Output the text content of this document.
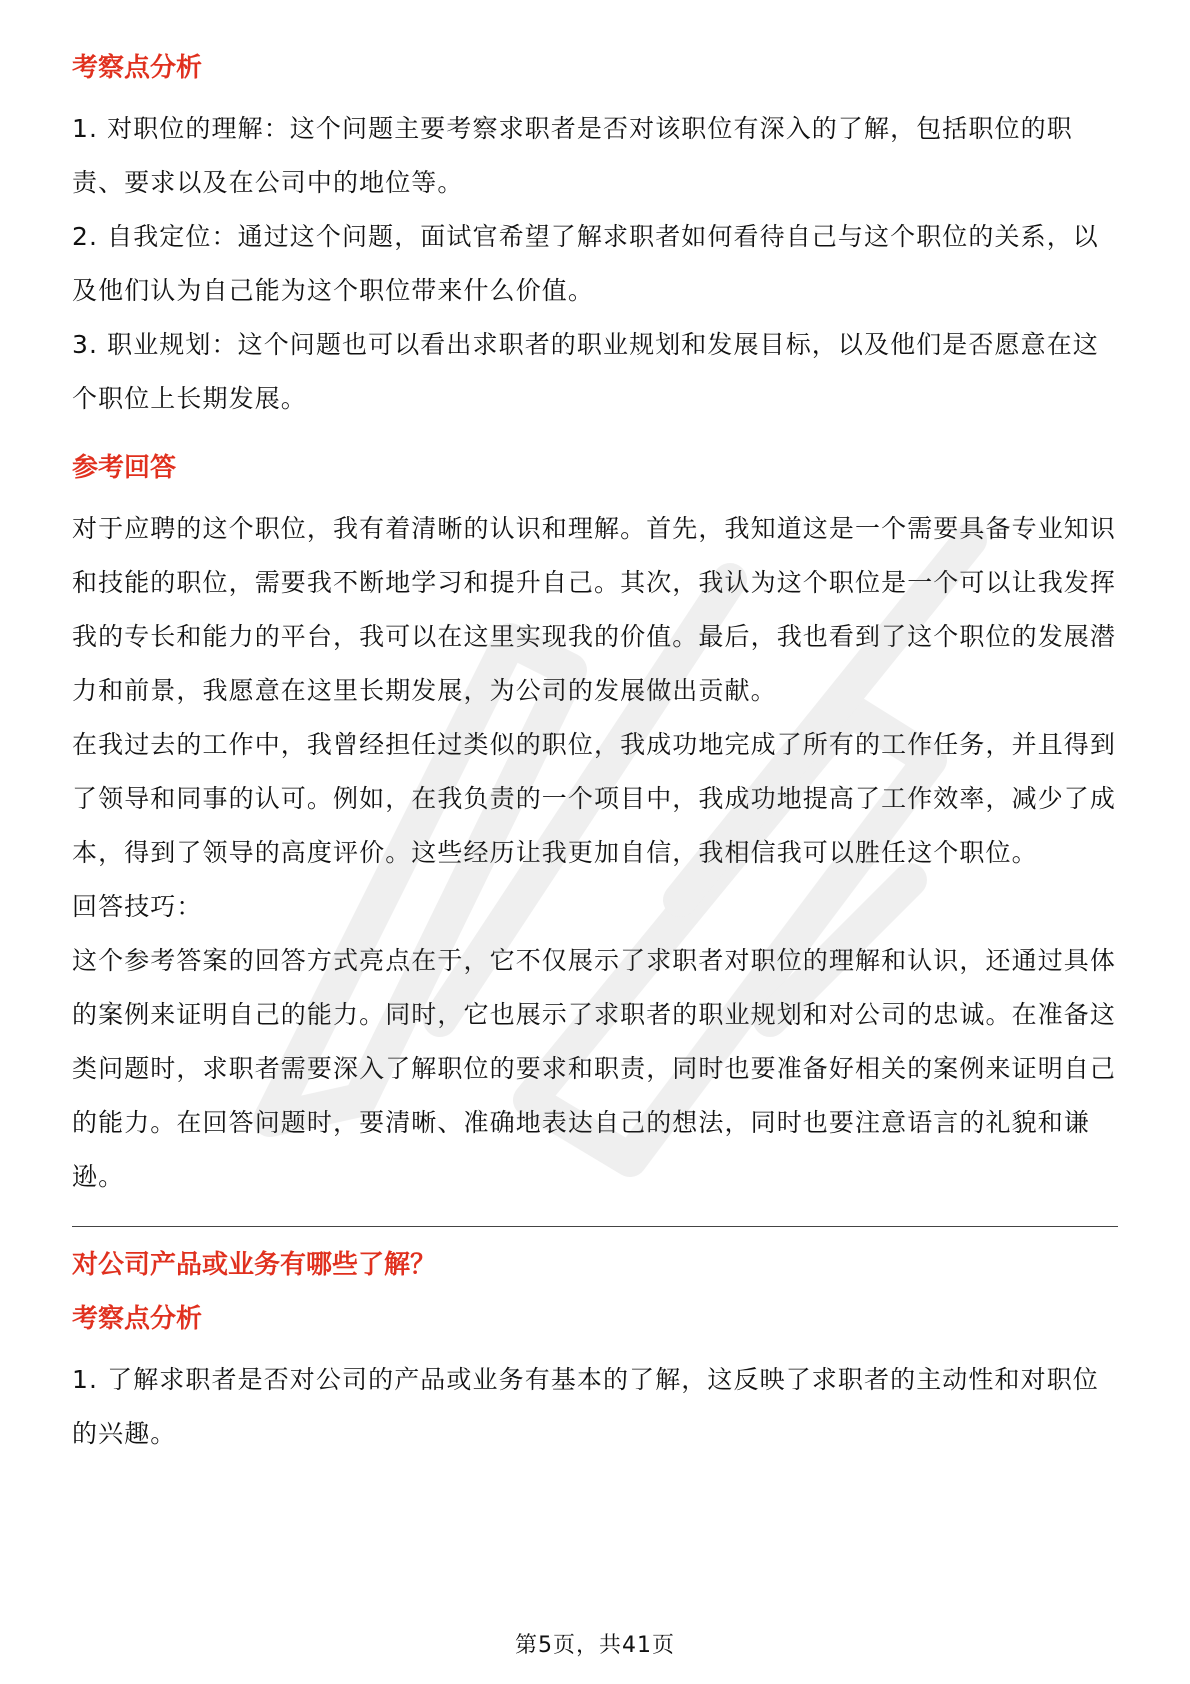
考察点分析

1. 对职位的理解：这个问题主要考察求职者是否对该职位有深入的了解，包括职位的职责、要求以及在公司中的地位等。

2. 自我定位：通过这个问题，面试官希望了解求职者如何看待自己与这个职位的关系，以及他们认为自己能为这个职位带来什么价值。

3. 职业规划：这个问题也可以看出求职者的职业规划和发展目标，以及他们是否愿意在这个职位上长期发展。

参考回答

对于应聘的这个职位，我有着清晰的认识和理解。首先，我知道这是一个需要具备专业知识和技能的职位，需要我不断地学习和提升自己。其次，我认为这个职位是一个可以让我发挥我的专长和能力的平台，我可以在这里实现我的价值。最后，我也看到了这个职位的发展潜力和前景，我愿意在这里长期发展，为公司的发展做出贡献。

在我过去的工作中，我曾经担任过类似的职位，我成功地完成了所有的工作任务，并且得到了领导和同事的认可。例如，在我负责的一个项目中，我成功地提高了工作效率，减少了成本，得到了领导的高度评价。这些经历让我更加自信，我相信我可以胜任这个职位。

回答技巧：

这个参考答案的回答方式亮点在于，它不仅展示了求职者对职位的理解和认识，还通过具体的案例来证明自己的能力。同时，它也展示了求职者的职业规划和对公司的忠诚。在准备这类问题时，求职者需要深入了解职位的要求和职责，同时也要准备好相关的案例来证明自己的能力。在回答问题时，要清晰、准确地表达自己的想法，同时也要注意语言的礼貌和谦逊。

对公司产品或业务有哪些了解？
考察点分析

1. 了解求职者是否对公司的产品或业务有基本的了解，这反映了求职者的主动性和对职位的兴趣。

第5页，共41页
